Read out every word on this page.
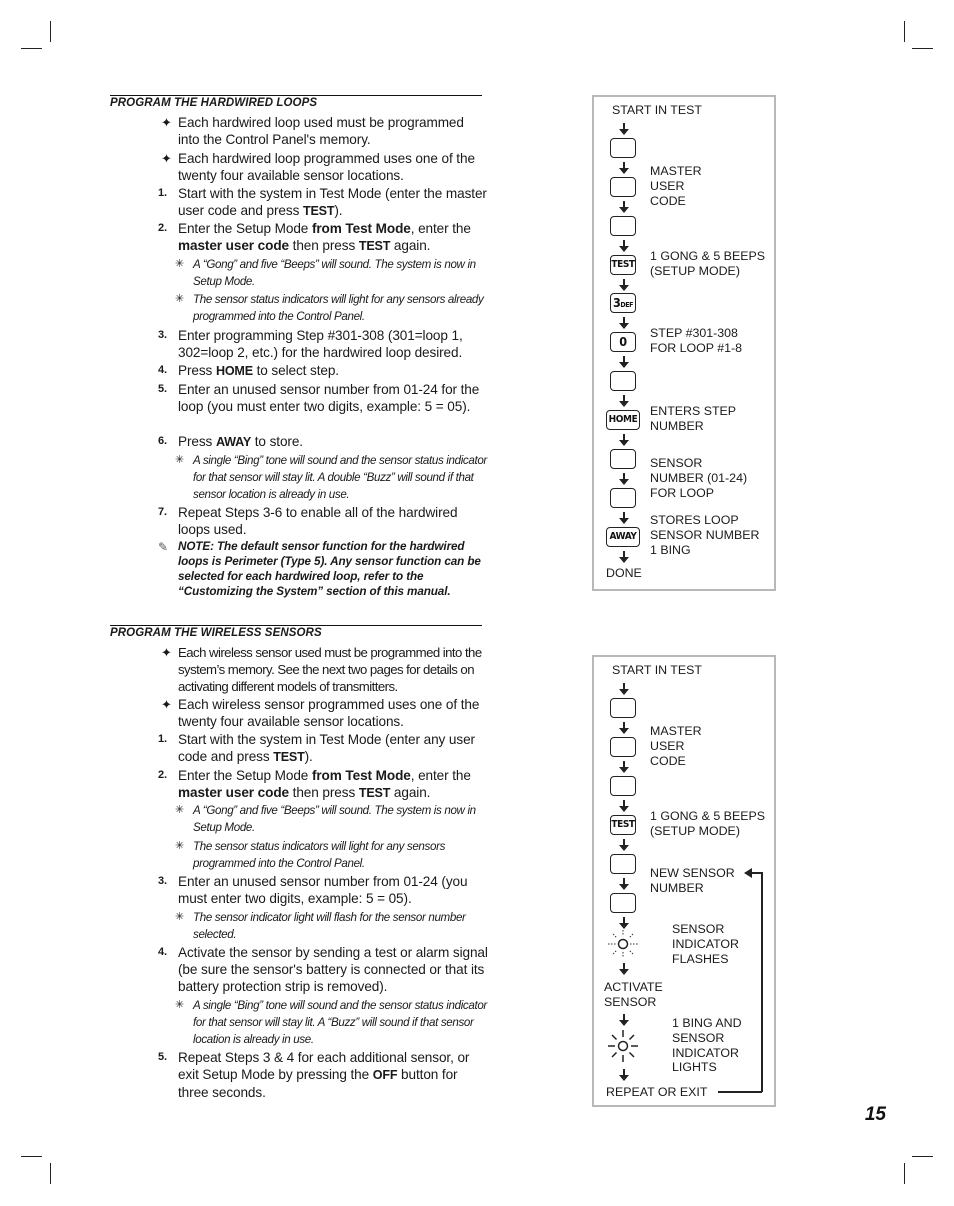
PROGRAM THE HARDWIRED LOOPS
✦ Each hardwired loop used must be programmed into the Control Panel's memory.
✦ Each hardwired loop programmed uses one of the twenty four available sensor locations.
1. Start with the system in Test Mode (enter the master user code and press TEST).
2. Enter the Setup Mode from Test Mode, enter the master user code then press TEST again.
✳ A “Gong” and five “Beeps” will sound. The system is now in Setup Mode.
✳ The sensor status indicators will light for any sensors already programmed into the Control Panel.
3. Enter programming Step #301-308 (301=loop 1, 302=loop 2, etc.) for the hardwired loop desired.
4. Press HOME to select step.
5. Enter an unused sensor number from 01-24 for the loop (you must enter two digits, example: 5 = 05).
6. Press AWAY to store.
✳ A single “Bing” tone will sound and the sensor status indicator for that sensor will stay lit. A double “Buzz” will sound if that sensor location is already in use.
7. Repeat Steps 3-6 to enable all of the hardwired loops used.
✎ NOTE: The default sensor function for the hardwired loops is Perimeter (Type 5). Any sensor function can be selected for each hardwired loop, refer to the “Customizing the System” section of this manual.
PROGRAM THE WIRELESS SENSORS
✦ Each wireless sensor used must be programmed into the system’s memory. See the next two pages for details on activating different models of transmitters.
✦ Each wireless sensor programmed uses one of the twenty four available sensor locations.
1. Start with the system in Test Mode (enter any user code and press TEST).
2. Enter the Setup Mode from Test Mode, enter the master user code then press TEST again.
✳ A “Gong” and five “Beeps” will sound. The system is now in Setup Mode.
✳ The sensor status indicators will light for any sensors programmed into the Control Panel.
3. Enter an unused sensor number from 01-24 (you must enter two digits, example: 5 = 05).
✳ The sensor indicator light will flash for the sensor number selected.
4. Activate the sensor by sending a test or alarm signal (be sure the sensor's battery is connected or that its battery protection strip is removed).
✳ A single “Bing” tone will sound and the sensor status indicator for that sensor will stay lit. A “Buzz” will sound if that sensor location is already in use.
5. Repeat Steps 3 & 4 for each additional sensor, or exit Setup Mode by pressing the OFF button for three seconds.
START IN TEST
MASTER
USER
CODE
TEST
1 GONG & 5 BEEPS
(SETUP MODE)
3DEF
0
STEP #301-308
FOR LOOP #1-8
HOME
ENTERS STEP
NUMBER
SENSOR
NUMBER (01-24)
FOR LOOP
AWAY
STORES LOOP
SENSOR NUMBER
1 BING
DONE
START IN TEST
MASTER
USER
CODE
TEST
1 GONG & 5 BEEPS
(SETUP MODE)
NEW SENSOR
NUMBER
SENSOR
INDICATOR
FLASHES
ACTIVATE
SENSOR
1 BING AND
SENSOR
INDICATOR
LIGHTS
REPEAT OR EXIT
15
